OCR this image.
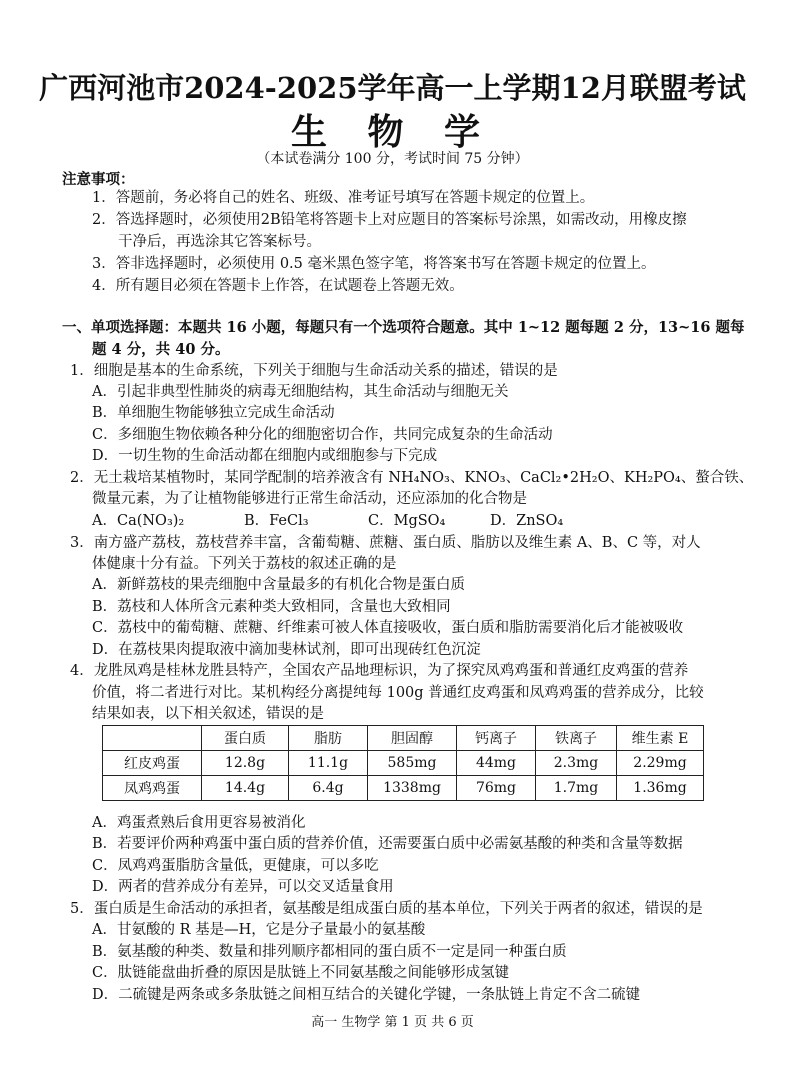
广西河池市2024-2025学年高一上学期12月联盟考试
生 物 学
（本试卷满分 100 分，考试时间 75 分钟）
注意事项：
1．答题前，务必将自己的姓名、班级、准考证号填写在答题卡规定的位置上。
2．答选择题时，必须使用2B铅笔将答题卡上对应题目的答案标号涂黑，如需改动，用橡皮擦
干净后，再选涂其它答案标号。
3．答非选择题时，必须使用 0.5 毫米黑色签字笔，将答案书写在答题卡规定的位置上。
4．所有题目必须在答题卡上作答，在试题卷上答题无效。
一、单项选择题：本题共 16 小题，每题只有一个选项符合题意。其中 1~12 题每题 2 分，13~16 题每
题 4 分，共 40 分。
1．细胞是基本的生命系统，下列关于细胞与生命活动关系的描述，错误的是
A．引起非典型性肺炎的病毒无细胞结构，其生命活动与细胞无关
B．单细胞生物能够独立完成生命活动
C．多细胞生物依赖各种分化的细胞密切合作，共同完成复杂的生命活动
D．一切生物的生命活动都在细胞内或细胞参与下完成
2．无土栽培某植物时，某同学配制的培养液含有 NH₄NO₃、KNO₃、CaCl₂•2H₂O、KH₂PO₄、螯合铁、
微量元素，为了让植物能够进行正常生命活动，还应添加的化合物是
A．Ca(NO₃)₂	B．FeCl₃	C．MgSO₄	D．ZnSO₄
3．南方盛产荔枝，荔枝营养丰富，含葡萄糖、蔗糖、蛋白质、脂肪以及维生素 A、B、C 等，对人
体健康十分有益。下列关于荔枝的叙述正确的是
A．新鲜荔枝的果壳细胞中含量最多的有机化合物是蛋白质
B．荔枝和人体所含元素种类大致相同，含量也大致相同
C．荔枝中的葡萄糖、蔗糖、纤维素可被人体直接吸收，蛋白质和脂肪需要消化后才能被吸收
D．在荔枝果肉提取液中滴加斐林试剂，即可出现砖红色沉淀
4．龙胜凤鸡是桂林龙胜县特产，全国农产品地理标识，为了探究凤鸡鸡蛋和普通红皮鸡蛋的营养
价值，将二者进行对比。某机构经分离提纯每 100g 普通红皮鸡蛋和凤鸡鸡蛋的营养成分，比较
结果如表，以下相关叙述，错误的是
	蛋白质	脂肪	胆固醇	钙离子	铁离子	维生素 E
红皮鸡蛋	12.8g	11.1g	585mg	44mg	2.3mg	2.29mg
凤鸡鸡蛋	14.4g	6.4g	1338mg	76mg	1.7mg	1.36mg
A．鸡蛋煮熟后食用更容易被消化
B．若要评价两种鸡蛋中蛋白质的营养价值，还需要蛋白质中必需氨基酸的种类和含量等数据
C．凤鸡鸡蛋脂肪含量低，更健康，可以多吃
D．两者的营养成分有差异，可以交叉适量食用
5．蛋白质是生命活动的承担者，氨基酸是组成蛋白质的基本单位，下列关于两者的叙述，错误的是
A．甘氨酸的 R 基是—H，它是分子量最小的氨基酸
B．氨基酸的种类、数量和排列顺序都相同的蛋白质不一定是同一种蛋白质
C．肽链能盘曲折叠的原因是肽链上不同氨基酸之间能够形成氢键
D．二硫键是两条或多条肽链之间相互结合的关键化学键，一条肽链上肯定不含二硫键
高一 生物学 第 1 页 共 6 页
